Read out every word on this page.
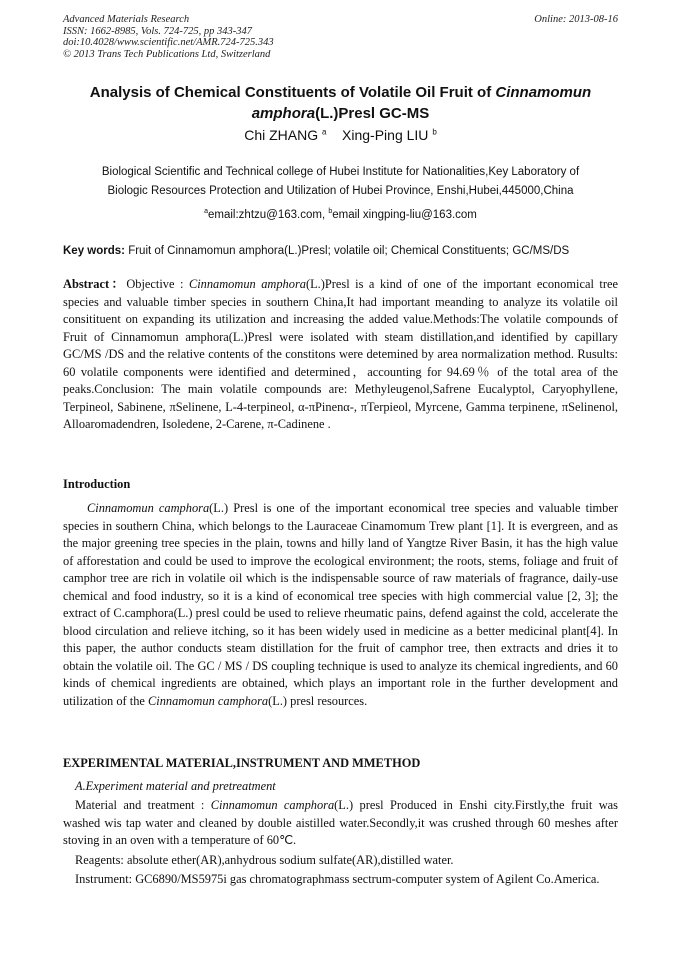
Advanced Materials Research
ISSN: 1662-8985, Vols. 724-725, pp 343-347
doi:10.4028/www.scientific.net/AMR.724-725.343
© 2013 Trans Tech Publications Ltd, Switzerland
Online: 2013-08-16
Analysis of Chemical Constituents of Volatile Oil Fruit of Cinnamomun amphora(L.)Presl GC-MS
Chi ZHANG $^a$ Xing-Ping LIU $^b$
Biological Scientific and Technical college of Hubei Institute for Nationalities,Key Laboratory of
Biologic Resources Protection and Utilization of Hubei Province, Enshi,Hubei,445000,China
$^a$email:zhtzu@163.com, $^b$email xingping-liu@163.com
Key words: Fruit of Cinnamomun amphora(L.)Presl; volatile oil; Chemical Constituents; GC/MS/DS
Abstract：Objective : Cinnamomun amphora(L.)Presl is a kind of one of the important economical tree species and valuable timber species in southern China,It had important meanding to analyze its volatile oil consitituent on expanding its utilization and increasing the added value.Methods:The volatile compounds of Fruit of Cinnamomun amphora(L.)Presl were isolated with steam distillation,and identified by capillary GC/MS /DS and the relative contents of the constitons were detemined by area normalization method. Rusults: 60 volatile components were identified and determined，accounting for 94.69％ of the total area of the peaks.Conclusion: The main volatile compounds are: Methyleugenol,Safrene Eucalyptol, Caryophyllene, Terpineol, Sabinene, πSelinene, L-4-terpineol, α-πPinenα-, πTerpieol, Myrcene, Gamma terpinene, πSelinenol, Alloaromadendren, Isoledene, 2-Carene, π-Cadinene .
Introduction
Cinnamomun camphora(L.) Presl is one of the important economical tree species and valuable timber species in southern China, which belongs to the Lauraceae Cinamomum Trew plant [1]. It is evergreen, and as the major greening tree species in the plain, towns and hilly land of Yangtze River Basin, it has the high value of afforestation and could be used to improve the ecological environment; the roots, stems, foliage and fruit of camphor tree are rich in volatile oil which is the indispensable source of raw materials of fragrance, daily-use chemical and food industry, so it is a kind of economical tree species with high commercial value [2, 3]; the extract of C.camphora(L.) presl could be used to relieve rheumatic pains, defend against the cold, accelerate the blood circulation and relieve itching, so it has been widely used in medicine as a better medicinal plant[4]. In this paper, the author conducts steam distillation for the fruit of camphor tree, then extracts and dries it to obtain the volatile oil. The GC / MS / DS coupling technique is used to analyze its chemical ingredients, and 60 kinds of chemical ingredients are obtained, which plays an important role in the further development and utilization of the Cinnamomun camphora(L.) presl resources.
EXPERIMENTAL MATERIAL,INSTRUMENT AND MMETHOD
A.Experiment material and pretreatment

Material and treatment : Cinnamomun camphora(L.) presl Produced in Enshi city.Firstly,the fruit was washed wis tap water and cleaned by double aistilled water.Secondly,it was crushed through 60 meshes after stoving in an oven with a temperature of 60℃.

Reagents: absolute ether(AR),anhydrous sodium sulfate(AR),distilled water.

Instrument: GC6890/MS5975i gas chromatographmass sectrum-computer system of Agilent Co.America.
